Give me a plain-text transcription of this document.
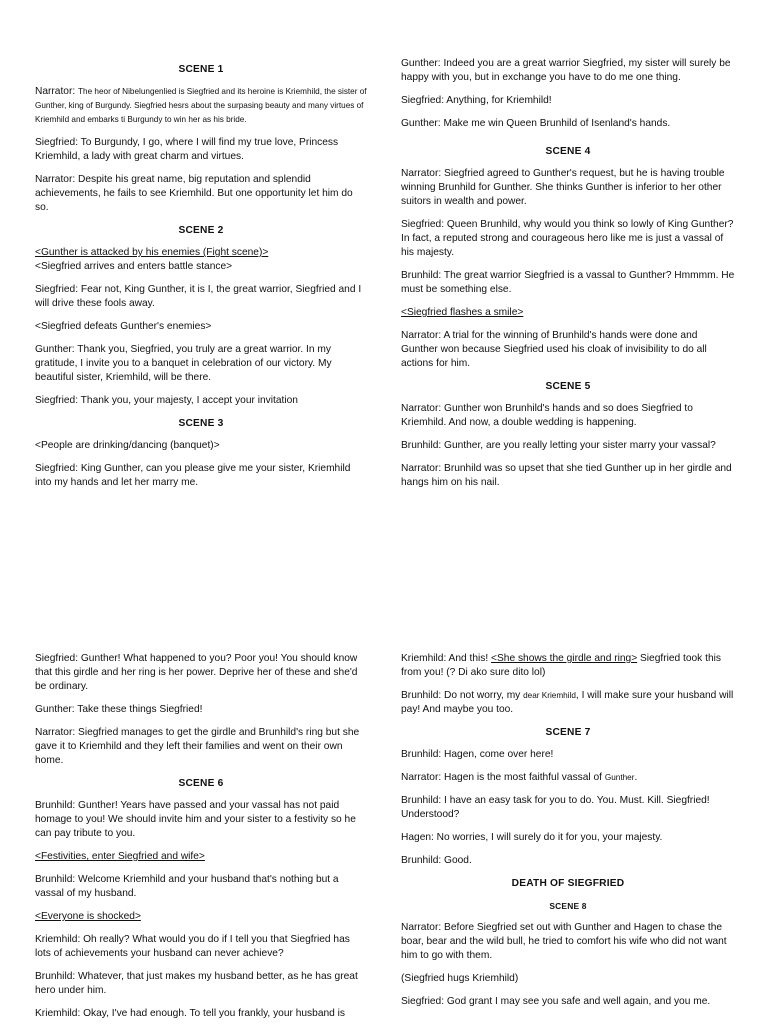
SCENE 1

Narrator: The heor of Nibelungenlied is Siegfried and its heroine is Kriemhild, the sister of Gunther, king of Burgundy. Siegfried hesrs about the surpasing beauty and many virtues of Kriemhild and embarks ti Burgundy to win her as his bride.

Siegfried: To Burgundy, I go, where I will find my true love, Princess Kriemhild, a lady with great charm and virtues.

Narrator: Despite his great name, big reputation and splendid achievements, he fails to see Kriemhild. But one opportunity let him do so.

SCENE 2

<Gunther is attacked by his enemies (Fight scene)>

<Siegfried arrives and enters battle stance>

Siegfried: Fear not, King Gunther, it is I, the great warrior, Siegfried and I will drive these fools away.

<Siegfried defeats Gunther's enemies>

Gunther: Thank you, Siegfried, you truly are a great warrior. In my gratitude, I invite you to a banquet in celebration of our victory. My beautiful sister, Kriemhild, will be there.

Siegfried: Thank you, your majesty, I accept your invitation

SCENE 3

<People are drinking/dancing (banquet)>

Siegfried: King Gunther, can you please give me your sister, Kriemhild into my hands and let her marry me.

Gunther: Indeed you are a great warrior Siegfried, my sister will surely be happy with you, but in exchange you have to do me one thing.

Siegfried: Anything, for Kriemhild!

Gunther: Make me win Queen Brunhild of Isenland's hands.

SCENE 4

Narrator: Siegfried agreed to Gunther's request, but he is having trouble winning Brunhild for Gunther. She thinks Gunther is inferior to her other suitors in wealth and power.

Siegfried: Queen Brunhild, why would you think so lowly of King Gunther? In fact, a reputed strong and courageous hero like me is just a vassal of his majesty.

Brunhild: The great warrior Siegfried is a vassal to Gunther? Hmmmm. He must be something else.

<Siegfried flashes a smile>

Narrator: A trial for the winning of Brunhild's hands were done and Gunther won because Siegfried used his cloak of invisibility to do all actions for him.

SCENE 5

Narrator: Gunther won Brunhild's hands and so does Siegfried to Kriemhild. And now, a double wedding is happening.

Brunhild: Gunther, are you really letting your sister marry your vassal?

Narrator: Brunhild was so upset that she tied Gunther up in her girdle and hangs him on his nail.

Siegfried: Gunther! What happened to you? Poor you! You should know that this girdle and her ring is her power. Deprive her of these and she'd be ordinary.

Gunther: Take these things Siegfried!

Narrator: Siegfried manages to get the girdle and Brunhild's ring but she gave it to Kriemhild and they left their families and went on their own home.

SCENE 6

Brunhild: Gunther! Years have passed and your vassal has not paid homage to you! We should invite him and your sister to a festivity so he can pay tribute to you.

<Festivities, enter Siegfried and wife>

Brunhild: Welcome Kriemhild and your husband that's nothing but a vassal of my husband.

<Everyone is shocked>

Kriemhild: Oh really? What would you do if I tell you that Siegfried has lots of achievements your husband can never achieve?

Brunhild: Whatever, that just makes my husband better, as he has great hero under him.

Kriemhild: Okay, I've had enough. To tell you frankly, your husband is

Kriemhild: And this! <She shows the girdle and ring> Siegfried took this from you! (? Di ako sure dito lol)

Brunhild: Do not worry, my dear Kriemhild, I will make sure your husband will pay! And maybe you too.

SCENE 7

Brunhild: Hagen, come over here!

Narrator: Hagen is the most faithful vassal of Gunther.

Brunhild: I have an easy task for you to do. You. Must. Kill. Siegfried! Understood?

Hagen: No worries, I will surely do it for you, your majesty.

Brunhild: Good.

DEATH OF SIEGFRIED
SCENE 8

Narrator: Before Siegfried set out with Gunther and Hagen to chase the boar, bear and the wild bull, he tried to comfort his wife who did not want him to go with them.

(Siegfried hugs Kriemhild)

Siegfried: God grant I may see you safe and well again, and you me.
